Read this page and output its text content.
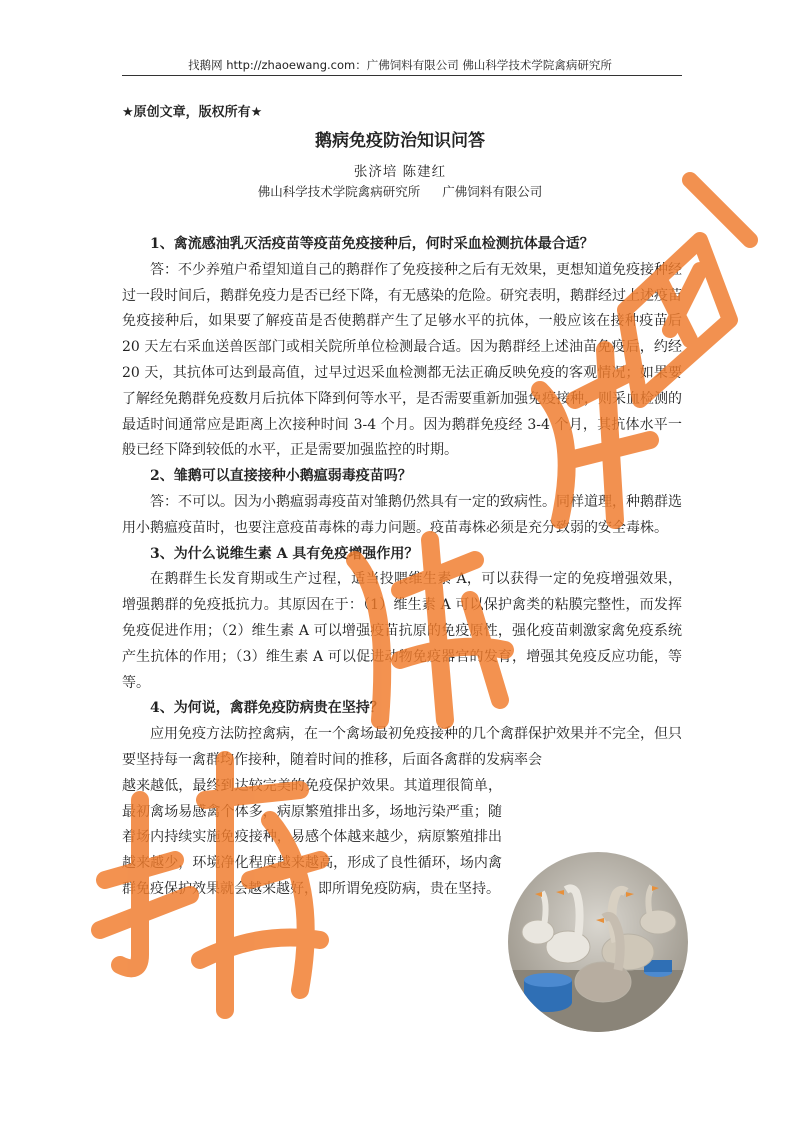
找鹅网 http://zhaoewang.com：广佛饲料有限公司 佛山科学技术学院禽病研究所
★原创文章，版权所有★
鹅病免疫防治知识问答
张济培 陈建红
佛山科学技术学院禽病研究所 广佛饲料有限公司

1、禽流感油乳灭活疫苗等疫苗免疫接种后，何时采血检测抗体最合适？

答：不少养殖户希望知道自己的鹅群作了免疫接种之后有无效果，更想知道免疫接种经过一段时间后，鹅群免疫力是否已经下降，有无感染的危险。研究表明，鹅群经过上述疫苗免疫接种后，如果要了解疫苗是否使鹅群产生了足够水平的抗体，一般应该在接种疫苗后 20 天左右采血送兽医部门或相关院所单位检测最合适。因为鹅群经上述油苗免疫后，约经 20 天，其抗体可达到最高值，过早过迟采血检测都无法正确反映免疫的客观情况；如果要了解经免鹅群免疫数月后抗体下降到何等水平，是否需要重新加强免疫接种，则采血检测的最适时间通常应是距离上次接种时间 3-4 个月。因为鹅群免疫经 3-4 个月，其抗体水平一般已经下降到较低的水平，正是需要加强监控的时期。

2、雏鹅可以直接接种小鹅瘟弱毒疫苗吗？

答：不可以。因为小鹅瘟弱毒疫苗对雏鹅仍然具有一定的致病性。同样道理，种鹅群选用小鹅瘟疫苗时，也要注意疫苗毒株的毒力问题。疫苗毒株必须是充分致弱的安全毒株。

3、为什么说维生素 A 具有免疫增强作用？

在鹅群生长发育期或生产过程，适当投喂维生素 A，可以获得一定的免疫增强效果，增强鹅群的免疫抵抗力。其原因在于：（1）维生素 A 可以保护禽类的粘膜完整性，而发挥免疫促进作用；（2）维生素 A 可以增强疫苗抗原的免疫原性，强化疫苗刺激家禽免疫系统产生抗体的作用；（3）维生素 A 可以促进动物免疫器官的发育，增强其免疫反应功能，等等。

4、为何说，禽群免疫防病贵在坚持？

应用免疫方法防控禽病，在一个禽场最初免疫接种的几个禽群保护效果并不完全，但只要坚持每一禽群均作接种，随着时间的推移，后面各禽群的发病率会

越来越低，最终到达较完美的免疫保护效果。其道理很简单，最初禽场易感禽个体多，病原繁殖排出多，场地污染严重；随着场内持续实施免疫接种，易感个体越来越少，病原繁殖排出越来越少，环境净化程度越来越高，形成了良性循环，场内禽群免疫保护效果就会越来越好，即所谓免疫防病，贵在坚持。
